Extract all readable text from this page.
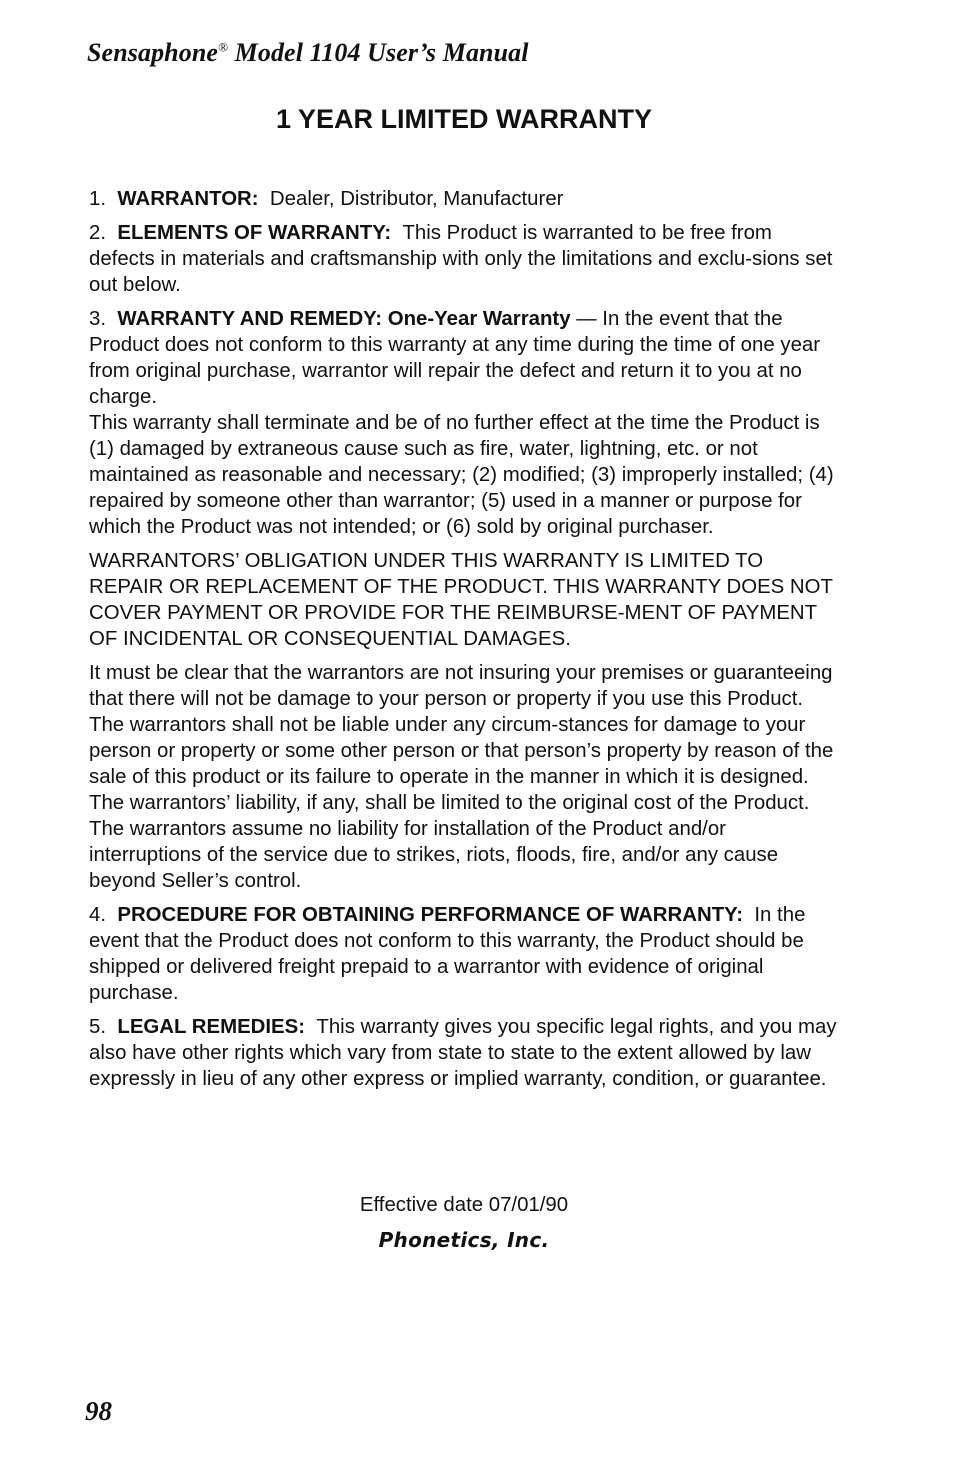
Sensaphone® Model 1104 User’s Manual
1 YEAR LIMITED WARRANTY

1. WARRANTOR: Dealer, Distributor, Manufacturer

2. ELEMENTS OF WARRANTY: This Product is warranted to be free from defects in materials and craftsmanship with only the limitations and exclu-sions set out below.

3. WARRANTY AND REMEDY: One-Year Warranty — In the event that the Product does not conform to this warranty at any time during the time of one year from original purchase, warrantor will repair the defect and return it to you at no charge.

This warranty shall terminate and be of no further effect at the time the Product is (1) damaged by extraneous cause such as fire, water, lightning, etc. or not maintained as reasonable and necessary; (2) modified; (3) improperly installed; (4) repaired by someone other than warrantor; (5) used in a manner or purpose for which the Product was not intended; or (6) sold by original purchaser.

WARRANTORS’ OBLIGATION UNDER THIS WARRANTY IS LIMITED TO REPAIR OR REPLACEMENT OF THE PRODUCT. THIS WARRANTY DOES NOT COVER PAYMENT OR PROVIDE FOR THE REIMBURSE-MENT OF PAYMENT OF INCIDENTAL OR CONSEQUENTIAL DAMAGES.

It must be clear that the warrantors are not insuring your premises or guaranteeing that there will not be damage to your person or property if you use this Product. The warrantors shall not be liable under any circum-stances for damage to your person or property or some other person or that person’s property by reason of the sale of this product or its failure to operate in the manner in which it is designed. The warrantors’ liability, if any, shall be limited to the original cost of the Product. The warrantors assume no liability for installation of the Product and/or interruptions of the service due to strikes, riots, floods, fire, and/or any cause beyond Seller’s control.

4. PROCEDURE FOR OBTAINING PERFORMANCE OF WARRANTY: In the event that the Product does not conform to this warranty, the Product should be shipped or delivered freight prepaid to a warrantor with evidence of original purchase.

5. LEGAL REMEDIES: This warranty gives you specific legal rights, and you may also have other rights which vary from state to state to the extent allowed by law expressly in lieu of any other express or implied warranty, condition, or guarantee.

Effective date 07/01/90
Phonetics, Inc.
98
